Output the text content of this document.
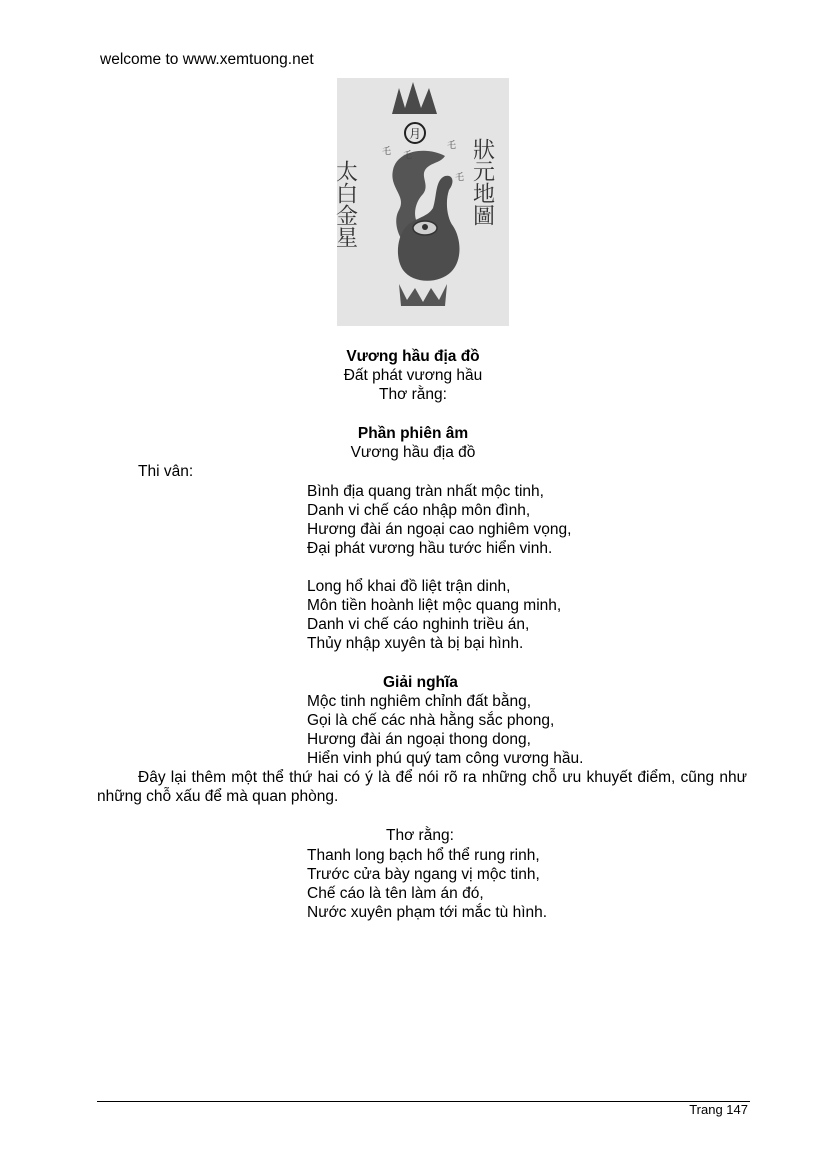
welcome to www.xemtuong.net
月
乇
乇
乇
乇
太白金星	狀元地圖
Vương hầu địa đồ
Đất phát vương hầu
Thơ rằng:
Phần phiên âm
Vương hầu địa đồ
Thi vân:
Bình địa quang tràn nhất mộc tinh,
Danh vi chế cáo nhập môn đình,
Hương đài án ngoại cao nghiêm vọng,
Đại phát vương hầu tước hiển vinh.
Long hổ khai đồ liệt trận dinh,
Môn tiền hoành liệt mộc quang minh,
Danh vi chế cáo nghinh triều án,
Thủy nhập xuyên tà bị bại hình.
Giải nghĩa
Mộc tinh nghiêm chỉnh đất bằng,
Gọi là chế các nhà hằng sắc phong,
Hương đài án ngoại thong dong,
Hiển vinh phú quý tam công vương hầu.
Đây lại thêm một thể thứ hai có ý là để nói rõ ra những chỗ ưu khuyết điểm, cũng như những chỗ xấu để mà quan phòng.
Thơ rằng:
Thanh long bạch hổ thể rung rinh,
Trước cửa bày ngang vị mộc tinh,
Chế cáo là tên làm án đó,
Nước xuyên phạm tới mắc tù hình.
Trang 147
